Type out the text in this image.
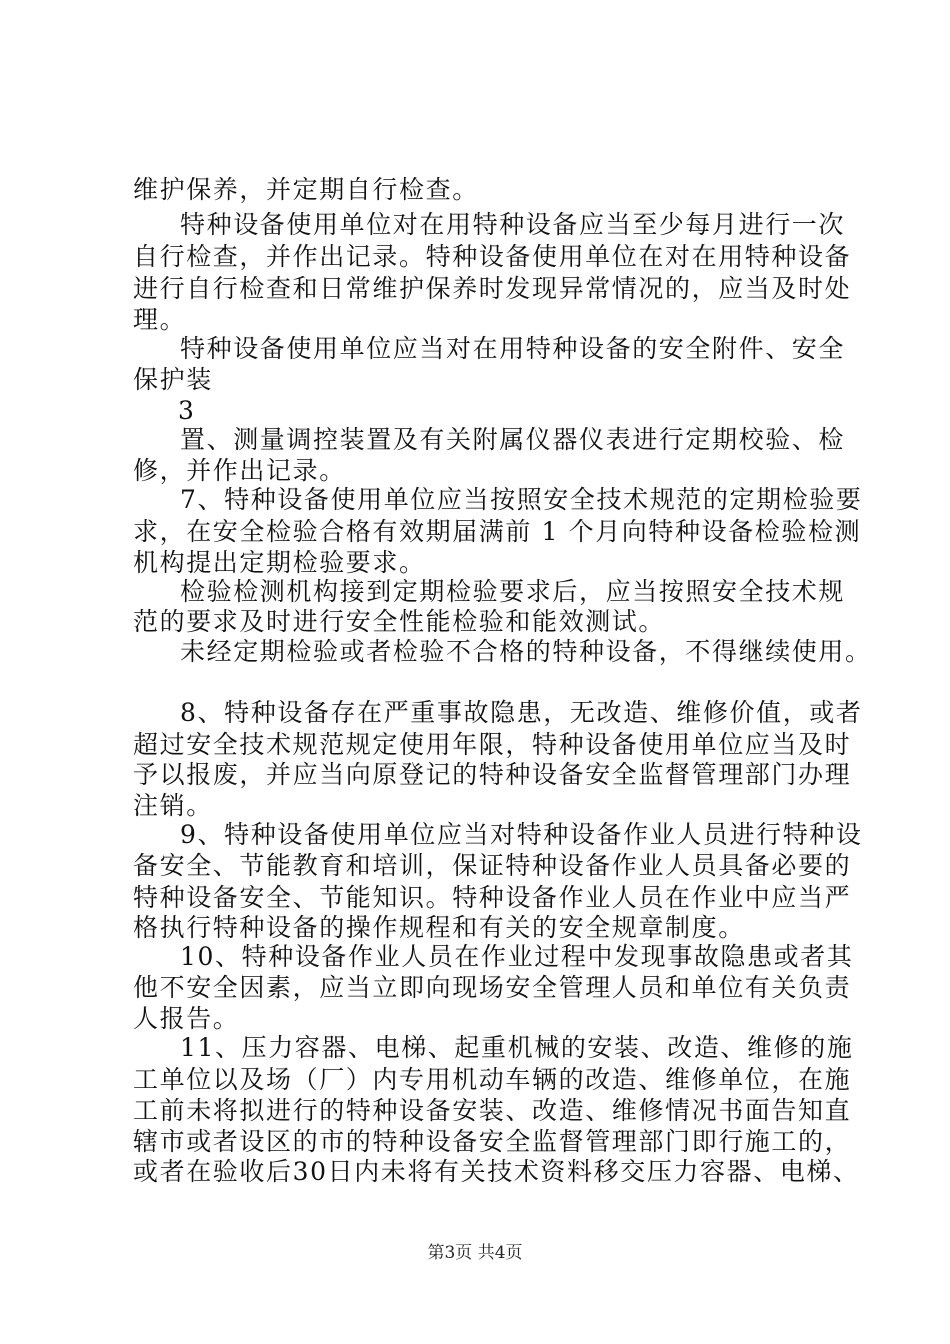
维护保养，并定期自行检查。
特种设备使用单位对在用特种设备应当至少每月进行一次
自行检查，并作出记录。特种设备使用单位在对在用特种设备
进行自行检查和日常维护保养时发现异常情况的，应当及时处
理。
特种设备使用单位应当对在用特种设备的安全附件、安全
保护装
3
置、测量调控装置及有关附属仪器仪表进行定期校验、检
修，并作出记录。
7、特种设备使用单位应当按照安全技术规范的定期检验要
求，在安全检验合格有效期届满前 1 个月向特种设备检验检测
机构提出定期检验要求。
检验检测机构接到定期检验要求后，应当按照安全技术规
范的要求及时进行安全性能检验和能效测试。
未经定期检验或者检验不合格的特种设备，不得继续使用。
8、特种设备存在严重事故隐患，无改造、维修价值，或者
超过安全技术规范规定使用年限，特种设备使用单位应当及时
予以报废，并应当向原登记的特种设备安全监督管理部门办理
注销。
9、特种设备使用单位应当对特种设备作业人员进行特种设
备安全、节能教育和培训，保证特种设备作业人员具备必要的
特种设备安全、节能知识。特种设备作业人员在作业中应当严
格执行特种设备的操作规程和有关的安全规章制度。
10、特种设备作业人员在作业过程中发现事故隐患或者其
他不安全因素，应当立即向现场安全管理人员和单位有关负责
人报告。
11、压力容器、电梯、起重机械的安装、改造、维修的施
工单位以及场（厂）内专用机动车辆的改造、维修单位，在施
工前未将拟进行的特种设备安装、改造、维修情况书面告知直
辖市或者设区的市的特种设备安全监督管理部门即行施工的，
或者在验收后30日内未将有关技术资料移交压力容器、电梯、
第3页 共4页
